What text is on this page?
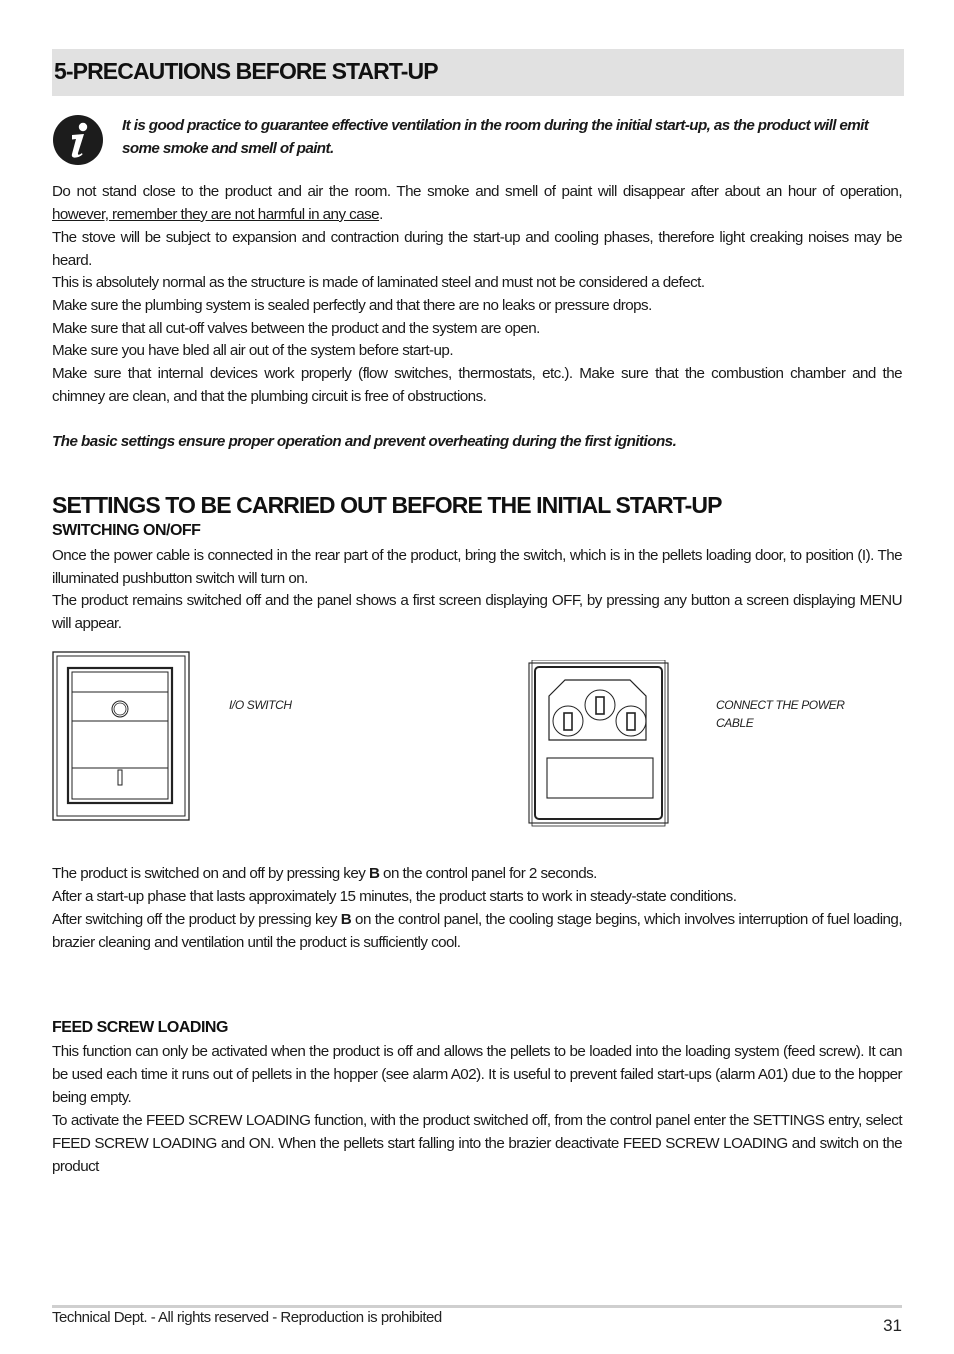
5-PRECAUTIONS BEFORE START-UP
It is good practice to guarantee effective ventilation in the room during the initial start-up, as the product will emit some smoke and smell of paint.
Do not stand close to the product and air the room. The smoke and smell of paint will disappear after about an hour of operation, however, remember they are not harmful in any case.
The stove will be subject to expansion and contraction during the start-up and cooling phases, therefore light creaking noises may be heard.
This is absolutely normal as the structure is made of laminated steel and must not be considered a defect.
Make sure the plumbing system is sealed perfectly and that there are no leaks or pressure drops.
Make sure that all cut-off valves between the product and the system are open.
Make sure you have bled all air out of the system before start-up.
Make sure that internal devices work properly (flow switches, thermostats, etc.). Make sure that the combustion chamber and the chimney are clean, and that the plumbing circuit is free of obstructions.
The basic settings ensure proper operation and prevent overheating during the first ignitions.
SETTINGS TO BE CARRIED OUT BEFORE THE INITIAL START-UP
SWITCHING ON/OFF
Once the power cable is connected in the rear part of the product, bring the switch, which is in the pellets loading door, to position (I). The illuminated pushbutton switch will turn on.
The product remains switched off and the panel shows a first screen displaying OFF, by pressing any button a screen displaying MENU will appear.
I/O SWITCH	CONNECT THE POWER
CABLE
The product is switched on and off by pressing key B on the control panel for 2 seconds.
After a start-up phase that lasts approximately 15 minutes, the product starts to work in steady-state conditions.
After switching off the product by pressing key B on the control panel, the cooling stage begins, which involves interruption of fuel loading, brazier cleaning and ventilation until the product is sufficiently cool.
FEED SCREW LOADING
This function can only be activated when the product is off and allows the pellets to be loaded into the loading system (feed screw). It can be used each time it runs out of pellets in the hopper (see alarm A02). It is useful to prevent failed start-ups (alarm A01) due to the hopper being empty.
To activate the FEED SCREW LOADING function, with the product switched off, from the control panel enter the SETTINGS entry, select FEED SCREW LOADING and ON. When the pellets start falling into the brazier deactivate FEED SCREW LOADING and switch on the product
Technical Dept. - All rights reserved - Reproduction is prohibited	31
